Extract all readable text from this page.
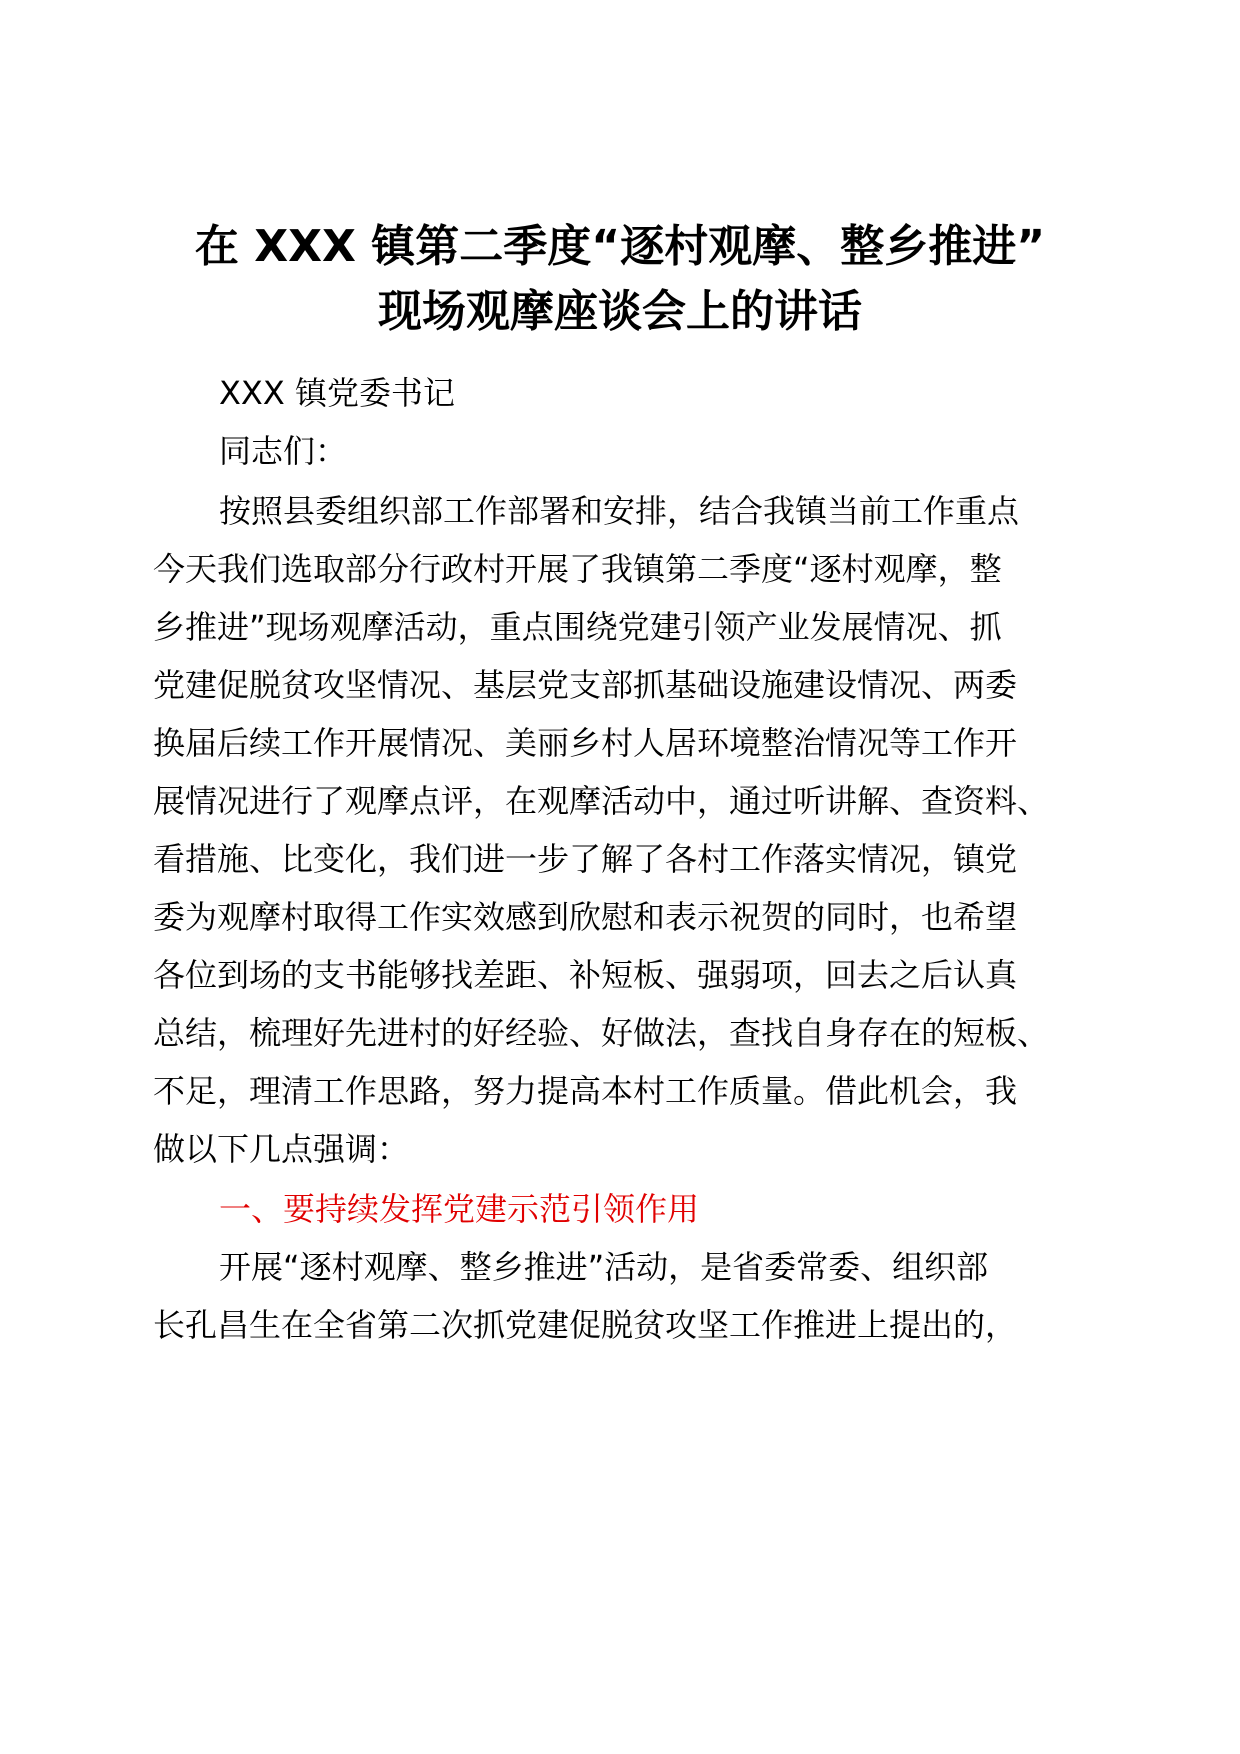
在 XXX 镇第二季度“逐村观摩、整乡推进”
现场观摩座谈会上的讲话
XXX 镇党委书记
同志们：
按照县委组织部工作部署和安排，结合我镇当前工作重点
今天我们选取部分行政村开展了我镇第二季度“逐村观摩，整
乡推进”现场观摩活动，重点围绕党建引领产业发展情况、抓
党建促脱贫攻坚情况、基层党支部抓基础设施建设情况、两委
换届后续工作开展情况、美丽乡村人居环境整治情况等工作开
展情况进行了观摩点评，在观摩活动中，通过听讲解、查资料、
看措施、比变化，我们进一步了解了各村工作落实情况，镇党
委为观摩村取得工作实效感到欣慰和表示祝贺的同时，也希望
各位到场的支书能够找差距、补短板、强弱项，回去之后认真
总结，梳理好先进村的好经验、好做法，查找自身存在的短板、
不足，理清工作思路，努力提高本村工作质量。借此机会，我
做以下几点强调：
一、要持续发挥党建示范引领作用
开展“逐村观摩、整乡推进”活动，是省委常委、组织部
长孔昌生在全省第二次抓党建促脱贫攻坚工作推进上提出的，
